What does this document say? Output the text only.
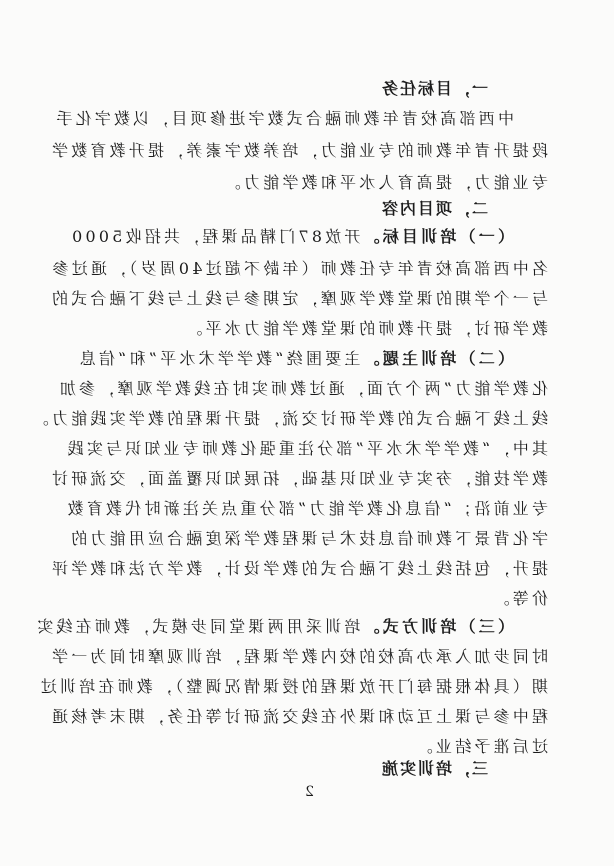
一，目标任务
中西部高校青年教师融合式数字进修项目，以数字化手
段提升青年教师的专业能力，培养数字素养，提升教育数学
专业能力，提高育人水平和教学能力。
二，项目内容
（一）培训目标。开放87门精品课程，共招收5000
名中西部高校青年专任教师（年龄不超过40周岁），通过参
与一个学期的课堂教学观摩，定期参与线上与线下融合式的
教学研讨，提升教师的课堂教学能力水平。
（二）培训主题。主要围绕“教学学术水平”和“信息
化教学能力”两个方面，通过教师实时在线教学观摩，参加
线上线下融合式的教学研讨交流，提升课程的教学实践能力。
其中，“教学学术水平”部分注重强化教师专业知识与实践
教学技能，夯实专业知识基础，拓展知识覆盖面，交流研讨
专业前沿；“信息化教学能力”部分重点关注新时代教育数
字化背景下教师信息技术与课程教学深度融合应用能力的
提升，包括线上线下融合式的教学设计，教学方法和教学评
价等。
（三）培训方式。培训采用两课堂同步模式，教师在线实
时同步加入承办高校的校内教学课程，培训观摩时间为一学
期（具体根据每门开放课程的授课情况调整），教师在培训过
程中参与课上互动和课外在线交流研讨等任务，期末考核通
过后准予结业。
三，培训实施
2
